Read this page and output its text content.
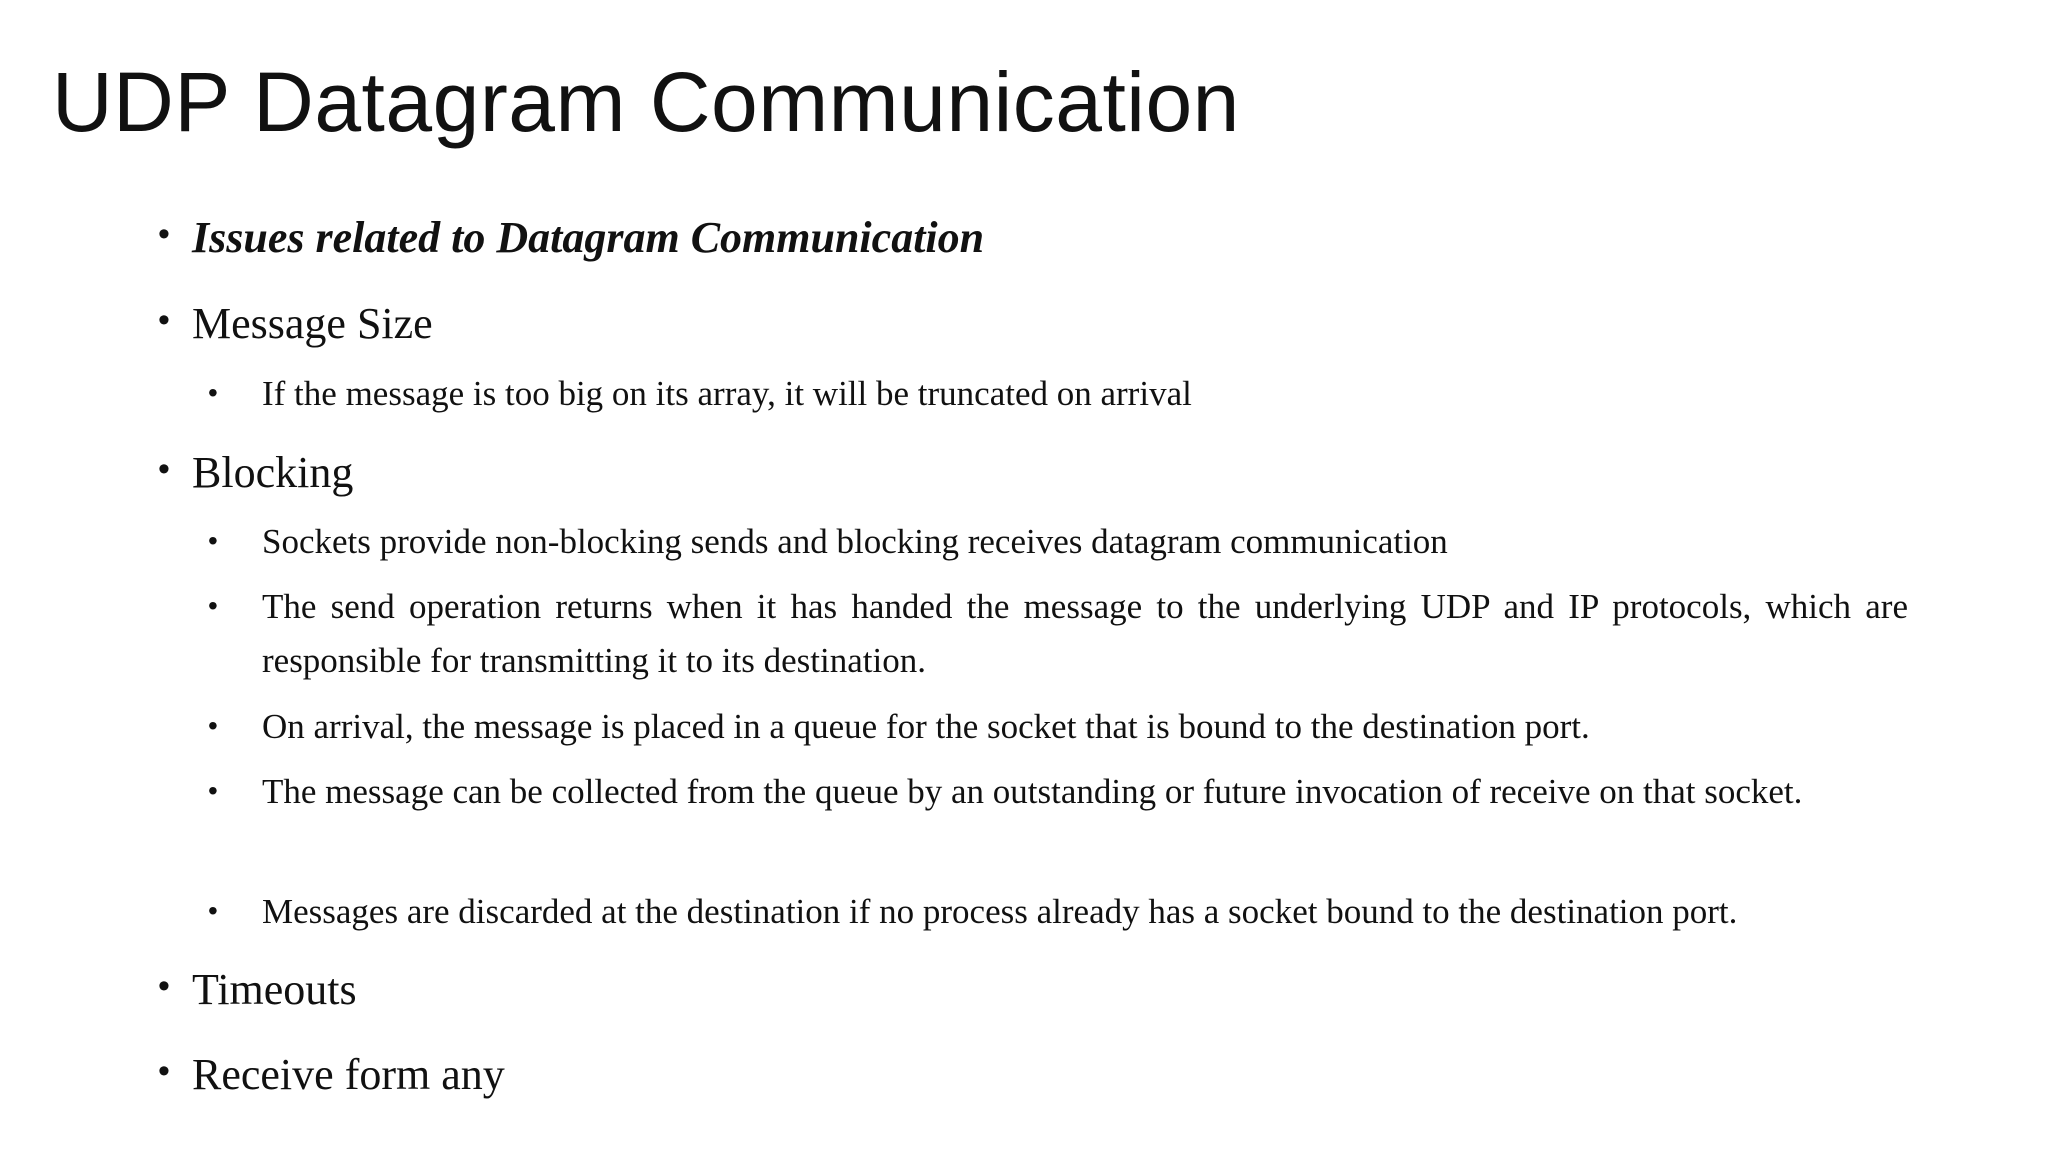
UDP Datagram Communication
• Issues related to Datagram Communication
• Message Size
• If the message is too big on its array, it will be truncated on arrival
• Blocking
• Sockets provide non-blocking sends and blocking receives datagram communication
• The send operation returns when it has handed the message to the underlying UDP and IP protocols, which are responsible for transmitting it to its destination.
• On arrival, the message is placed in a queue for the socket that is bound to the destination port.
• The message can be collected from the queue by an outstanding or future invocation of receive on that socket.
• Messages are discarded at the destination if no process already has a socket bound to the destination port.
• Timeouts
• Receive form any
